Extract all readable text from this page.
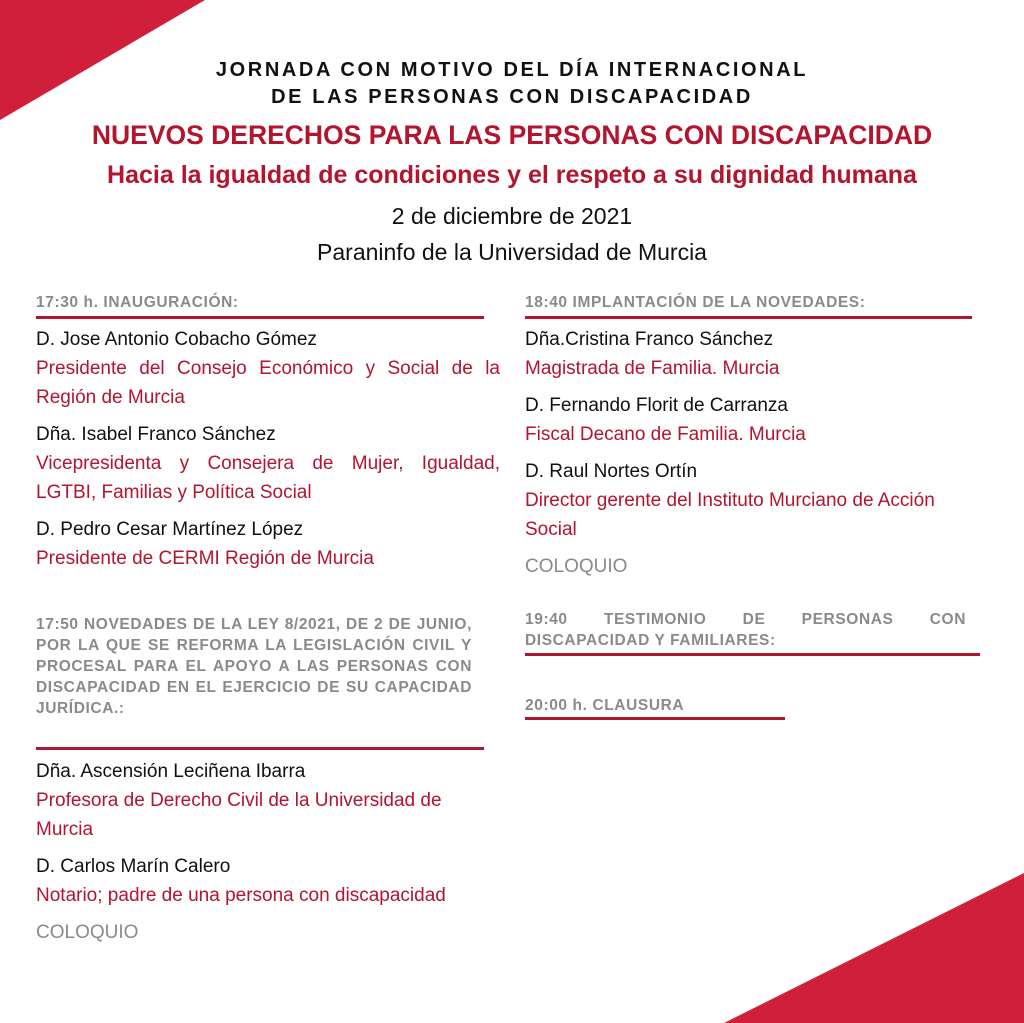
JORNADA CON MOTIVO DEL DÍA INTERNACIONAL
DE LAS PERSONAS CON DISCAPACIDAD
NUEVOS DERECHOS PARA LAS PERSONAS CON DISCAPACIDAD
Hacia la igualdad de condiciones y el respeto a su dignidad humana
2 de diciembre de 2021
Paraninfo de la Universidad de Murcia
17:30 h. INAUGURACIÓN:
D. Jose Antonio Cobacho Gómez
Presidente del Consejo Económico y Social de la Región de Murcia
Dña. Isabel Franco Sánchez
Vicepresidenta y Consejera de Mujer, Igualdad, LGTBI, Familias y Política Social
D. Pedro Cesar Martínez López
Presidente de CERMI Región de Murcia
17:50 NOVEDADES DE LA LEY 8/2021, DE 2 DE JUNIO, POR LA QUE SE REFORMA LA LEGISLACIÓN CIVIL Y PROCESAL PARA EL APOYO A LAS PERSONAS CON DISCAPACIDAD EN EL EJERCICIO DE SU CAPACIDAD JURÍDICA.:
Dña. Ascensión Leciñena Ibarra
Profesora de Derecho Civil de la Universidad de Murcia
D. Carlos Marín Calero
Notario; padre de una persona con discapacidad
COLOQUIO
18:40 IMPLANTACIÓN DE LA NOVEDADES:
Dña.Cristina Franco Sánchez
Magistrada de Familia. Murcia
D. Fernando Florit de Carranza
Fiscal Decano de Familia. Murcia
D. Raul Nortes Ortín
Director gerente del Instituto Murciano de Acción Social
COLOQUIO
19:40 TESTIMONIO DE PERSONAS CON DISCAPACIDAD Y FAMILIARES:
20:00 h. CLAUSURA
